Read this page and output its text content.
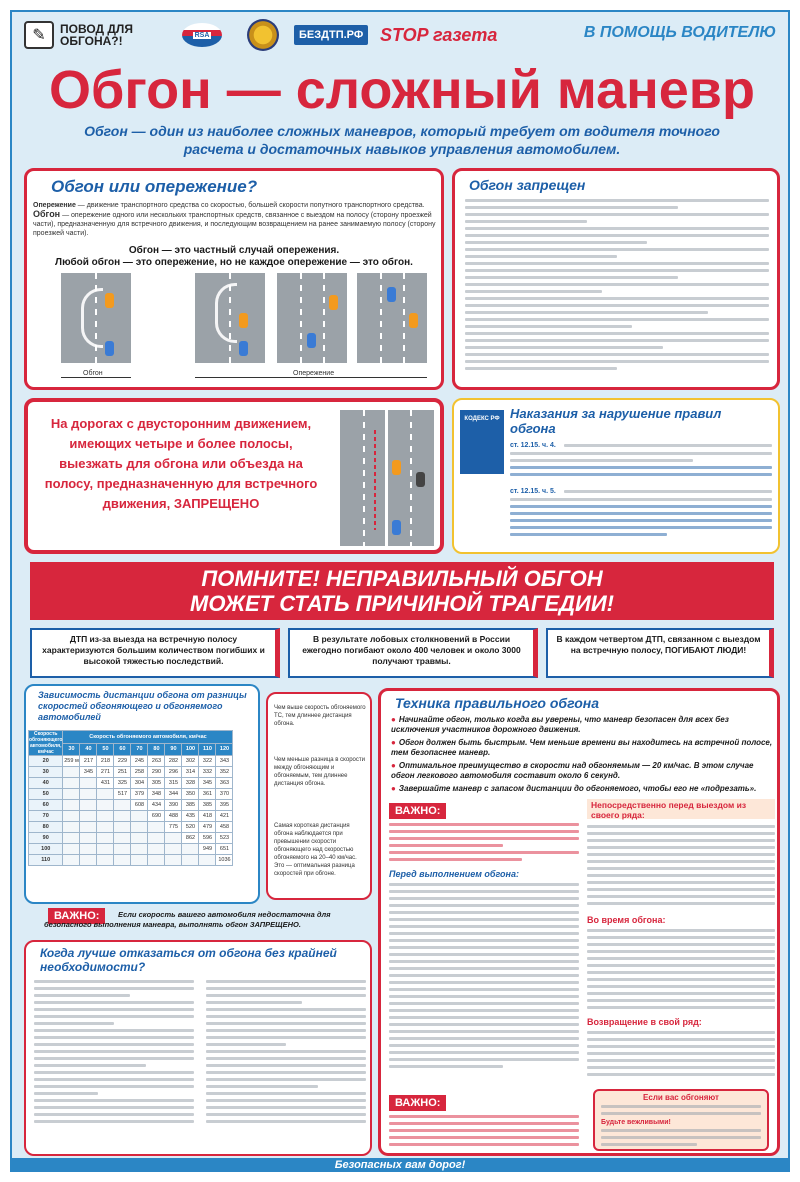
✎	ПОВОД ДЛЯ ОБГОНА?!	RSA	БЕЗДТП.РФ STOP газета	В ПОМОЩЬ ВОДИТЕЛЮ
Обгон — сложный маневр
Обгон — один из наиболее сложных маневров, который требует от водителя точного расчета и достаточных навыков управления автомобилем.
Обгон или опережение?
Опережение — движение транспортного средства со скоростью, большей скорости попутного транспортного средства.
Обгон — опережение одного или нескольких транспортных средств, связанное с выездом на полосу (сторону проезжей части), предназначенную для встречного движения, и последующим возвращением на ранее занимаемую полосу (сторону проезжей части).
Обгон — это частный случай опережения.
Любой обгон — это опережение, но не каждое опережение — это обгон.
Обгон	Опережение
Обгон запрещен
На дорогах с двусторонним движением, имеющих четыре и более полосы, выезжать для обгона или объезда на полосу, предназначенную для встречного движения, ЗАПРЕЩЕНО
КОДЕКС РФ Наказания за нарушение правил обгона
ст. 12.15. ч. 4.
ст. 12.15. ч. 5.
ПОМНИТЕ! НЕПРАВИЛЬНЫЙ ОБГОН
МОЖЕТ СТАТЬ ПРИЧИНОЙ ТРАГЕДИИ!
ДТП из-за выезда на встречную полосу характеризуются большим количеством погибших и высокой тяжестью последствий.
В результате лобовых столкновений в России ежегодно погибают около 400 человек и около 3000 получают травмы.
В каждом четвертом ДТП, связанном с выездом на встречную полосу, ПОГИБАЮТ ЛЮДИ!
Зависимость дистанции обгона от разницы скоростей обгоняющего и обгоняемого автомобилей
Скорость обгоняющего автомобиля, км/час	Скорость обгоняемого автомобиля, км/час									
	30	40	50	60	70	80	90	100	110	120
20	259 м	217	218	229	245	263	282	302	322	343
30		345	271	251	258	290	296	314	332	352
40			431	325	304	305	315	328	345	363
50				517	379	348	344	350	361	370
60					608	434	390	385	385	395
70						690	488	435	418	421
80							775	520	479	458
90								862	596	523
100									949	651
110										1036
Чем выше скорость обгоняемого ТС, тем длиннее дистанция обгона.
Чем меньше разница в скорости между обгоняющим и обгоняемым, тем длиннее дистанция обгона.
Самая короткая дистанция обгона наблюдается при превышении скорости обгоняющего над скоростью обгоняемого на 20–40 км/час. Это — оптимальная разница скоростей при обгоне.
ВАЖНО:	Если скорость вашего автомобиля недостаточна для безопасного выполнения маневра, выполнять обгон ЗАПРЕЩЕНО.
Когда лучше отказаться от обгона без крайней необходимости?
Техника правильного обгона
● Начинайте обгон, только когда вы уверены, что маневр безопасен для всех без исключения участников дорожного движения.
● Обгон должен быть быстрым. Чем меньше времени вы находитесь на встречной полосе, тем безопаснее маневр.
● Оптимальное преимущество в скорости над обгоняемым — 20 км/час. В этом случае обгон легкового автомобиля составит около 6 секунд.
● Завершайте маневр с запасом дистанции до обгоняемого, чтобы его не «подрезать».
ВАЖНО:
Перед выполнением обгона:
ВАЖНО:
Непосредственно перед выездом из своего ряда:
Во время обгона:
Возвращение в свой ряд:
Если вас обгоняют
Будьте вежливыми!
Безопасных вам дорог!
